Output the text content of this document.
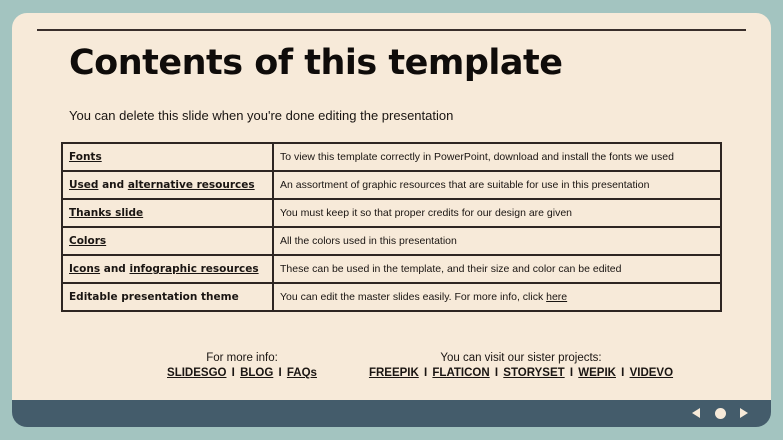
Contents of this template
You can delete this slide when you're done editing the presentation
Fonts	To view this template correctly in PowerPoint, download and install the fonts we used
Used and alternative resources	An assortment of graphic resources that are suitable for use in this presentation
Thanks slide	You must keep it so that proper credits for our design are given
Colors	All the colors used in this presentation
Icons and infographic resources	These can be used in the template, and their size and color can be edited
Editable presentation theme	You can edit the master slides easily. For more info, click here
For more info:
SLIDESGO I BLOG I FAQs
You can visit our sister projects:
FREEPIK I FLATICON I STORYSET I WEPIK I VIDEVO
